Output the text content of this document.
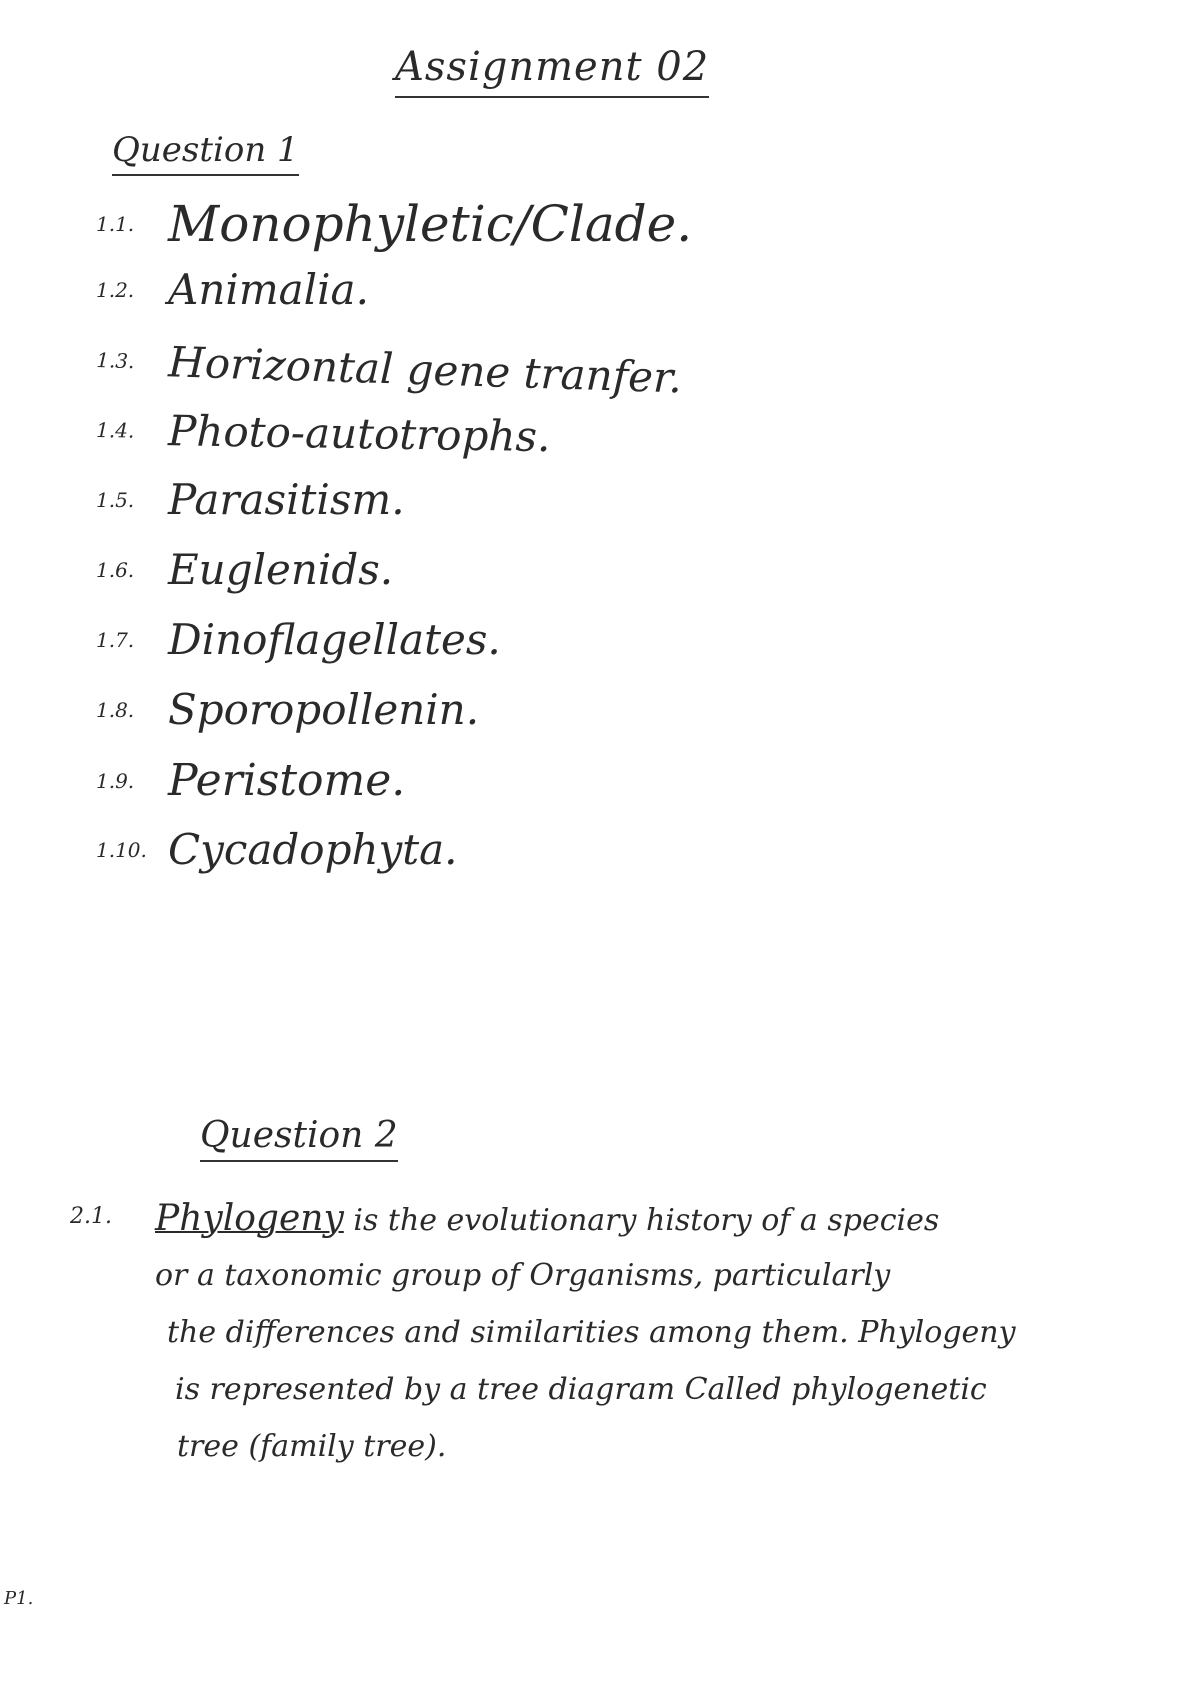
Assignment 02
Question 1
1.1. Monophyletic/Clade.
1.2. Animalia.
1.3. Horizontal gene tranfer.
1.4. Photo-autotrophs.
1.5. Parasitism.
1.6. Euglenids.
1.7. Dinoflagellates.
1.8. Sporopollenin.
1.9. Peristome.
1.10. Cycadophyta.
Question 2
2.1. Phylogeny is the evolutionary history of a species
or a taxonomic group of Organisms, particularly
the differences and similarities among them. Phylogeny
is represented by a tree diagram Called phylogenetic
tree (family tree).
P1.
